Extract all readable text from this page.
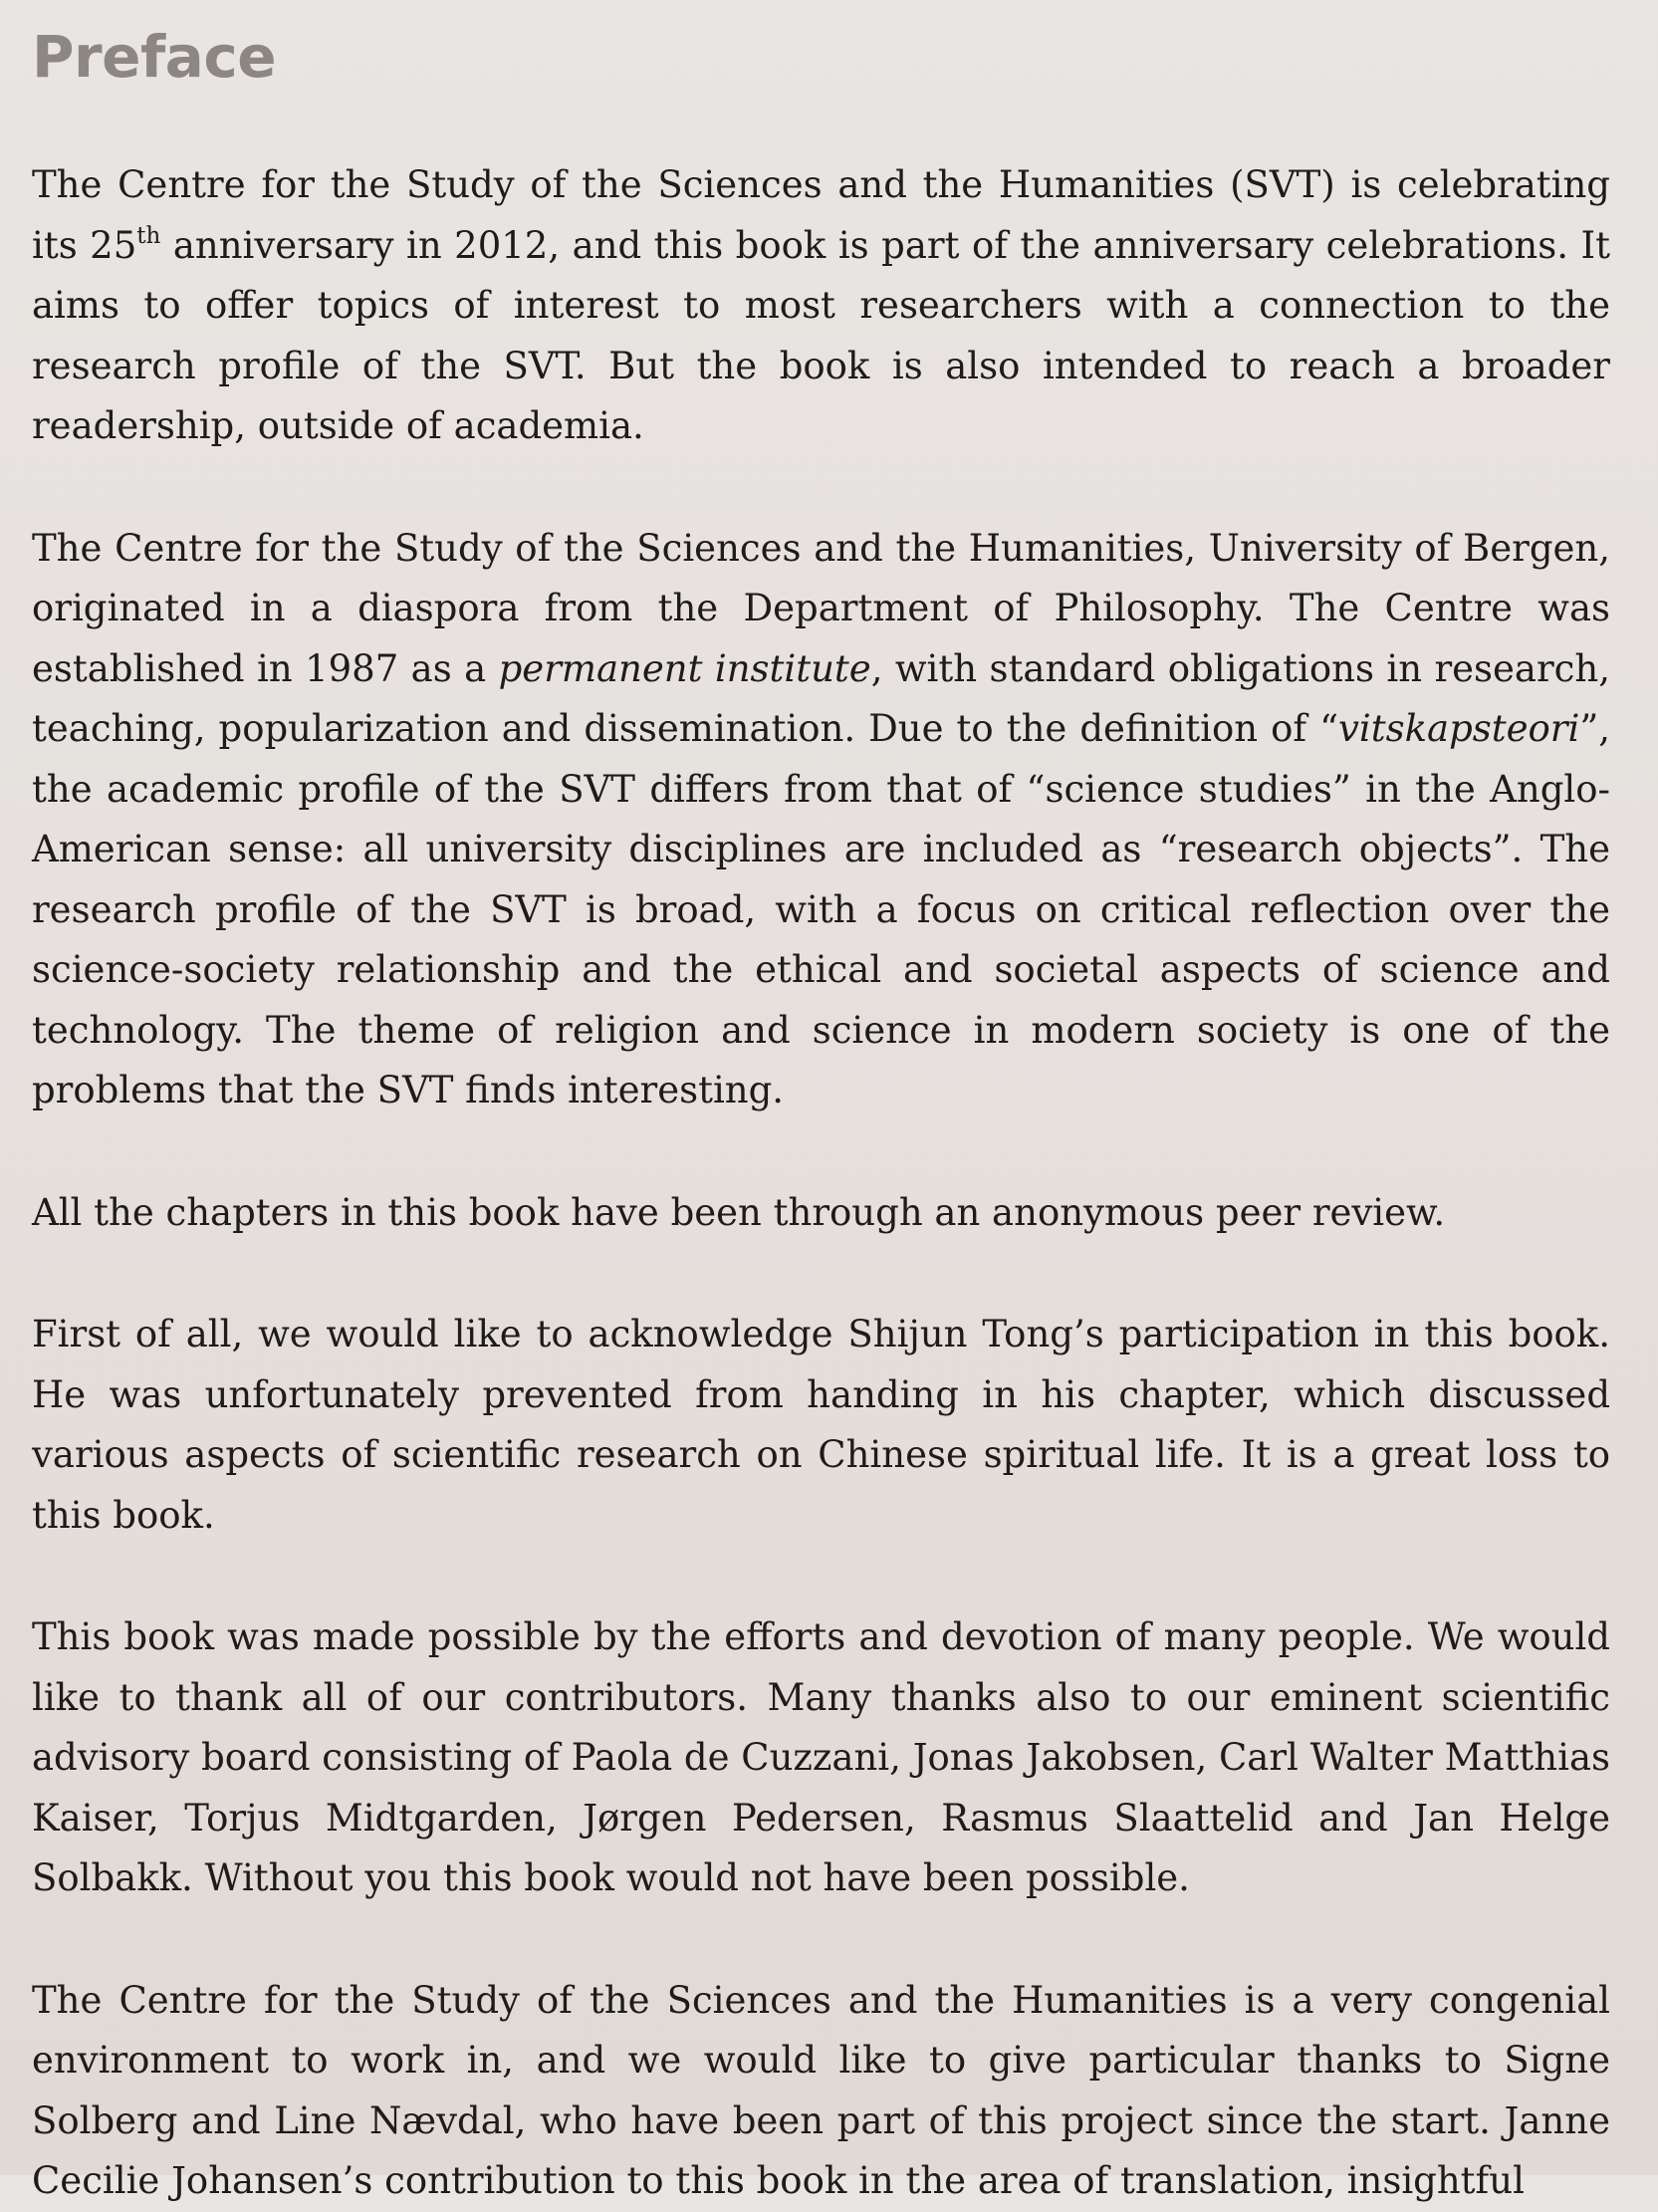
Preface

The Centre for the Study of the Sciences and the Humanities (SVT) is celebrating its 25th anniversary in 2012, and this book is part of the anniversary celebrations. It aims to offer topics of interest to most researchers with a connection to the research profile of the SVT. But the book is also intended to reach a broader readership, outside of academia.

The Centre for the Study of the Sciences and the Humanities, University of Bergen, originated in a diaspora from the Department of Philosophy. The Centre was established in 1987 as a permanent institute, with standard obligations in research, teaching, popularization and dissemination. Due to the definition of “vitskapsteori”, the academic profile of the SVT differs from that of “science studies” in the Anglo-American sense: all university disciplines are included as “research objects”. The research profile of the SVT is broad, with a focus on critical reflection over the science-society relationship and the ethical and societal aspects of science and technology. The theme of religion and science in modern society is one of the problems that the SVT finds interesting.

All the chapters in this book have been through an anonymous peer review.

First of all, we would like to acknowledge Shijun Tong’s participation in this book. He was unfortunately prevented from handing in his chapter, which discussed various aspects of scientific research on Chinese spiritual life. It is a great loss to this book.

This book was made possible by the efforts and devotion of many people. We would like to thank all of our contributors. Many thanks also to our eminent scientific advisory board consisting of Paola de Cuzzani, Jonas Jakobsen, Carl Walter Matthias Kaiser, Torjus Midtgarden, Jørgen Pedersen, Rasmus Slaattelid and Jan Helge Solbakk. Without you this book would not have been possible.

The Centre for the Study of the Sciences and the Humanities is a very congenial environment to work in, and we would like to give particular thanks to Signe Solberg and Line Nævdal, who have been part of this project since the start. Janne Cecilie Johansen’s contribution to this book in the area of translation, insightful
